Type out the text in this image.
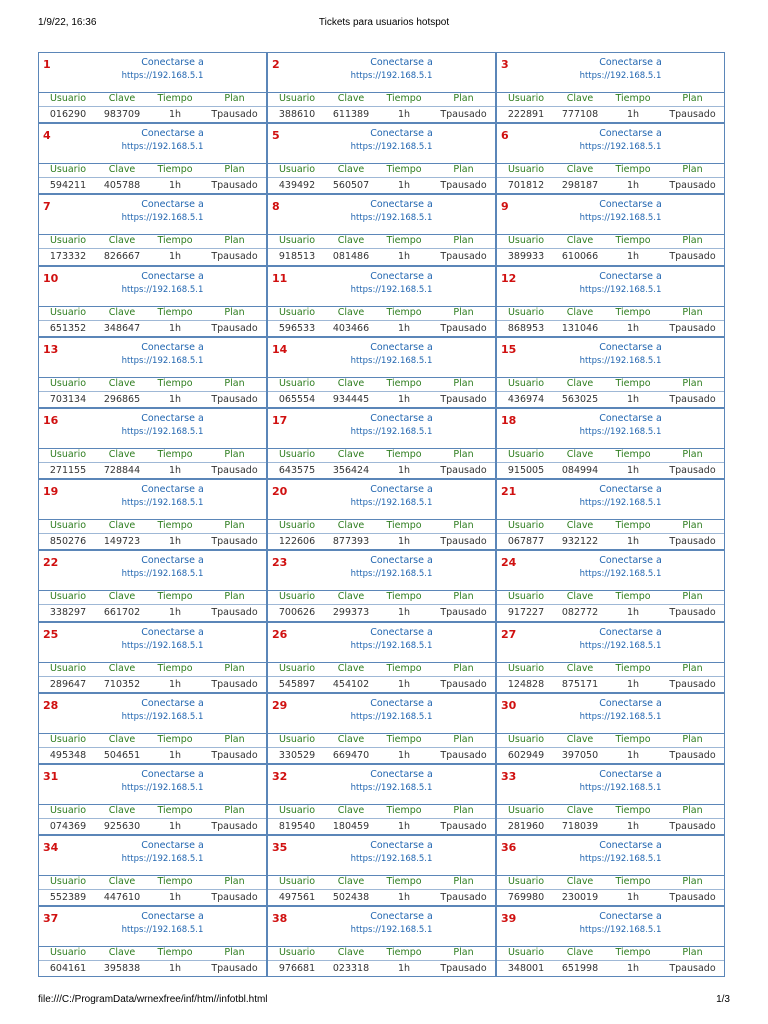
1/9/22, 16:36	Tickets para usuarios hotspot
1	Conectarse a
https://192.168.5.1
Usuario	Clave	Tiempo	Plan
016290	983709	1h	Tpausado
2	Conectarse a
https://192.168.5.1
Usuario	Clave	Tiempo	Plan
388610	611389	1h	Tpausado
3	Conectarse a
https://192.168.5.1
Usuario	Clave	Tiempo	Plan
222891	777108	1h	Tpausado
4	Conectarse a
https://192.168.5.1
Usuario	Clave	Tiempo	Plan
594211	405788	1h	Tpausado
5	Conectarse a
https://192.168.5.1
Usuario	Clave	Tiempo	Plan
439492	560507	1h	Tpausado
6	Conectarse a
https://192.168.5.1
Usuario	Clave	Tiempo	Plan
701812	298187	1h	Tpausado
7	Conectarse a
https://192.168.5.1
Usuario	Clave	Tiempo	Plan
173332	826667	1h	Tpausado
8	Conectarse a
https://192.168.5.1
Usuario	Clave	Tiempo	Plan
918513	081486	1h	Tpausado
9	Conectarse a
https://192.168.5.1
Usuario	Clave	Tiempo	Plan
389933	610066	1h	Tpausado
10	Conectarse a
https://192.168.5.1
Usuario	Clave	Tiempo	Plan
651352	348647	1h	Tpausado
11	Conectarse a
https://192.168.5.1
Usuario	Clave	Tiempo	Plan
596533	403466	1h	Tpausado
12	Conectarse a
https://192.168.5.1
Usuario	Clave	Tiempo	Plan
868953	131046	1h	Tpausado
13	Conectarse a
https://192.168.5.1
Usuario	Clave	Tiempo	Plan
703134	296865	1h	Tpausado
14	Conectarse a
https://192.168.5.1
Usuario	Clave	Tiempo	Plan
065554	934445	1h	Tpausado
15	Conectarse a
https://192.168.5.1
Usuario	Clave	Tiempo	Plan
436974	563025	1h	Tpausado
16	Conectarse a
https://192.168.5.1
Usuario	Clave	Tiempo	Plan
271155	728844	1h	Tpausado
17	Conectarse a
https://192.168.5.1
Usuario	Clave	Tiempo	Plan
643575	356424	1h	Tpausado
18	Conectarse a
https://192.168.5.1
Usuario	Clave	Tiempo	Plan
915005	084994	1h	Tpausado
19	Conectarse a
https://192.168.5.1
Usuario	Clave	Tiempo	Plan
850276	149723	1h	Tpausado
20	Conectarse a
https://192.168.5.1
Usuario	Clave	Tiempo	Plan
122606	877393	1h	Tpausado
21	Conectarse a
https://192.168.5.1
Usuario	Clave	Tiempo	Plan
067877	932122	1h	Tpausado
22	Conectarse a
https://192.168.5.1
Usuario	Clave	Tiempo	Plan
338297	661702	1h	Tpausado
23	Conectarse a
https://192.168.5.1
Usuario	Clave	Tiempo	Plan
700626	299373	1h	Tpausado
24	Conectarse a
https://192.168.5.1
Usuario	Clave	Tiempo	Plan
917227	082772	1h	Tpausado
25	Conectarse a
https://192.168.5.1
Usuario	Clave	Tiempo	Plan
289647	710352	1h	Tpausado
26	Conectarse a
https://192.168.5.1
Usuario	Clave	Tiempo	Plan
545897	454102	1h	Tpausado
27	Conectarse a
https://192.168.5.1
Usuario	Clave	Tiempo	Plan
124828	875171	1h	Tpausado
28	Conectarse a
https://192.168.5.1
Usuario	Clave	Tiempo	Plan
495348	504651	1h	Tpausado
29	Conectarse a
https://192.168.5.1
Usuario	Clave	Tiempo	Plan
330529	669470	1h	Tpausado
30	Conectarse a
https://192.168.5.1
Usuario	Clave	Tiempo	Plan
602949	397050	1h	Tpausado
31	Conectarse a
https://192.168.5.1
Usuario	Clave	Tiempo	Plan
074369	925630	1h	Tpausado
32	Conectarse a
https://192.168.5.1
Usuario	Clave	Tiempo	Plan
819540	180459	1h	Tpausado
33	Conectarse a
https://192.168.5.1
Usuario	Clave	Tiempo	Plan
281960	718039	1h	Tpausado
34	Conectarse a
https://192.168.5.1
Usuario	Clave	Tiempo	Plan
552389	447610	1h	Tpausado
35	Conectarse a
https://192.168.5.1
Usuario	Clave	Tiempo	Plan
497561	502438	1h	Tpausado
36	Conectarse a
https://192.168.5.1
Usuario	Clave	Tiempo	Plan
769980	230019	1h	Tpausado
37	Conectarse a
https://192.168.5.1
Usuario	Clave	Tiempo	Plan
604161	395838	1h	Tpausado
38	Conectarse a
https://192.168.5.1
Usuario	Clave	Tiempo	Plan
976681	023318	1h	Tpausado
39	Conectarse a
https://192.168.5.1
Usuario	Clave	Tiempo	Plan
348001	651998	1h	Tpausado
file:///C:/ProgramData/wrnexfree/inf/htm//infotbl.html	1/3
